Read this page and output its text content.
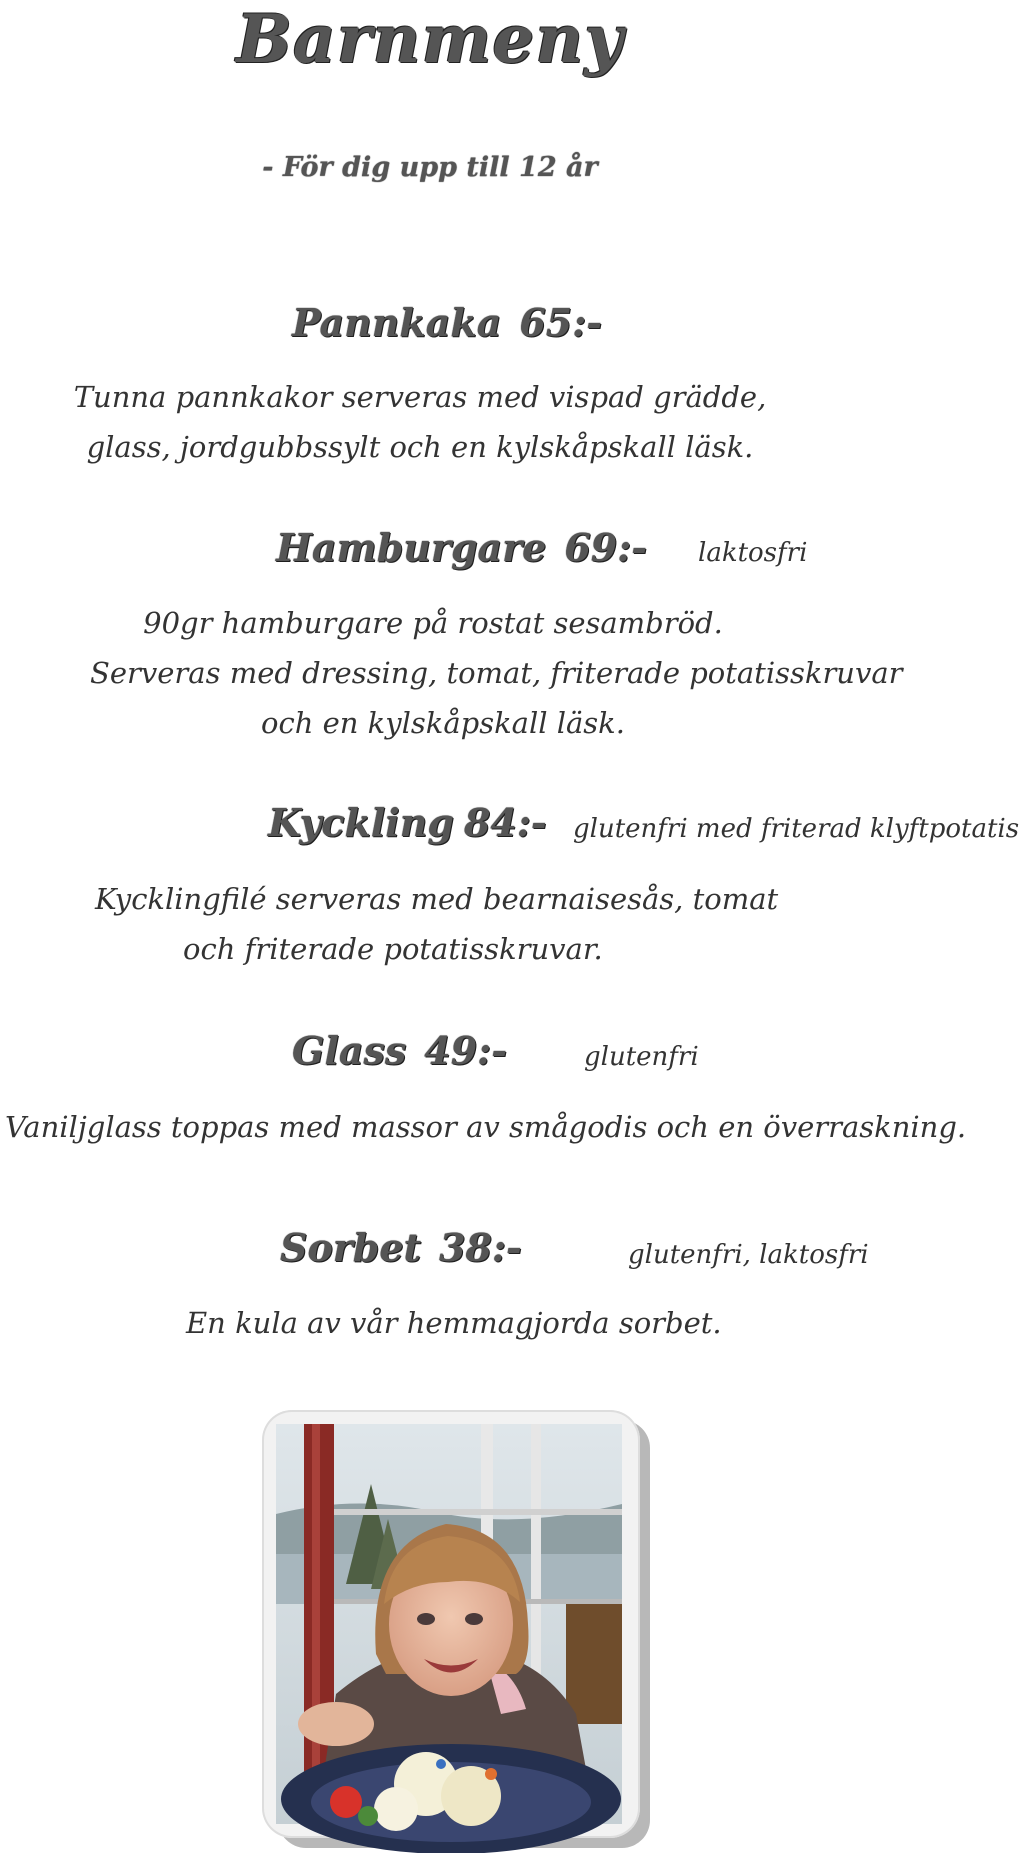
Barnmeny
- För dig upp till 12 år
Pannkaka 65:-
Tunna pannkakor serveras med vispad grädde,
glass, jordgubbssylt och en kylskåpskall läsk.
Hamburgare 69:- laktosfri
90gr hamburgare på rostat sesambröd.
Serveras med dressing, tomat, friterade potatisskruvar
och en kylskåpskall läsk.
Kyckling 84:- glutenfri med friterad klyftpotatis
Kycklingfilé serveras med bearnaisesås, tomat
och friterade potatisskruvar.
Glass 49:-	glutenfri
Vaniljglass toppas med massor av smågodis och en överraskning.
Sorbet 38:-	glutenfri, laktosfri
En kula av vår hemmagjorda sorbet.
